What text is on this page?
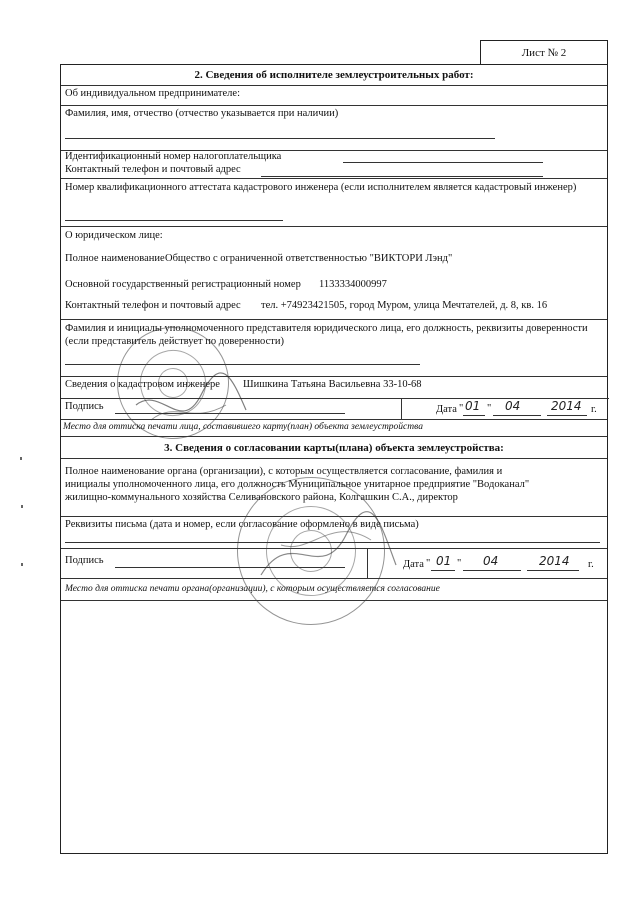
Лист № 2
2. Сведения об исполнителе землеустроительных работ:
Об индивидуальном предпринимателе:
Фамилия, имя, отчество (отчество указывается при наличии)
Идентификационный номер налогоплательщика
Контактный телефон и почтовый адрес
Номер квалификационного аттестата кадастрового инженера (если исполнителем является кадастровый инженер)
О юридическом лице:
Полное наименование Общество с ограниченной ответственностью "ВИКТОРИ Лэнд"
Основной государственный регистрационный номер 1133334000997
Контактный телефон и почтовый адрес тел. +74923421505, город Муром, улица Мечтателей, д. 8, кв. 16
Фамилия и инициалы уполномоченного представителя юридического лица, его должность, реквизиты доверенности (если представитель действует по доверенности)
Сведения о кадастровом инженере Шишкина Татьяна Васильевна 33-10-68
Подпись	Дата " 01 " 04	2014 г.
Место для оттиска печати лица, составившего карту(план) объекта землеустройства
3. Сведения о согласовании карты(плана) объекта землеустройства:
Полное наименование органа (организации), с которым осуществляется согласование, фамилия и
инициалы уполномоченного лица, его должность Муниципальное унитарное предприятие "Водоканал"
жилищно-коммунального хозяйства Селивановского района, Колгашкин С.А., директор
Реквизиты письма (дата и номер, если согласование оформлено в виде письма)
Подпись	Дата " 01 " 04	2014 г.
Место для оттиска печати органа(организации), с которым осуществляется согласование
